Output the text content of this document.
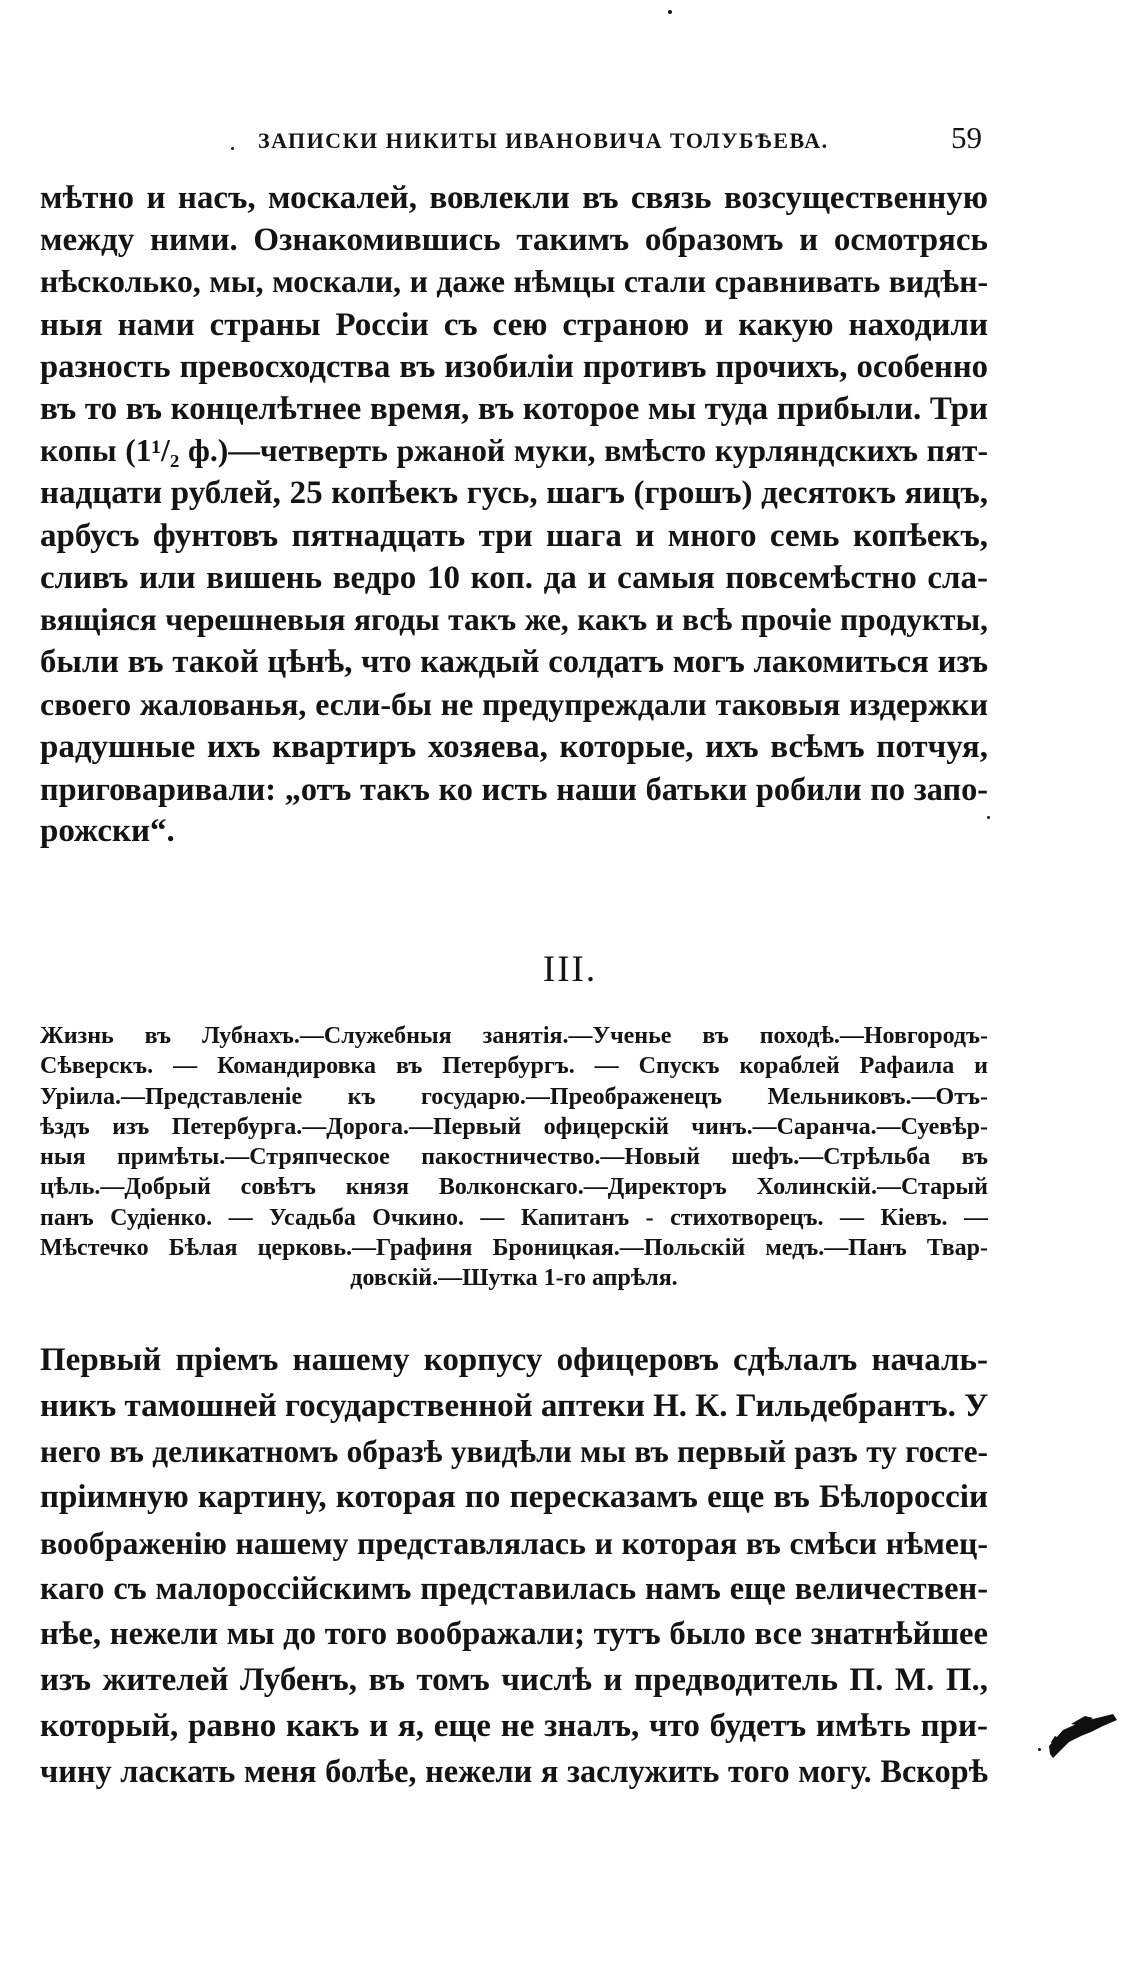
ЗАПИСКИ НИКИТЫ ИВАНОВИЧА ТОЛУБѢЕВА.	59
мѣтно и насъ, москалей, вовлекли въ связь возсущественную
между ними. Ознакомившись такимъ образомъ и осмотрясь
нѣсколько, мы, москали, и даже нѣмцы стали сравнивать видѣн-
ныя нами страны Россіи съ сею страною и какую находили
разность превосходства въ изобиліи противъ прочихъ, особенно
въ то въ концелѣтнее время, въ которое мы туда прибыли. Три
копы (1¹/₂ ф.)—четверть ржаной муки, вмѣсто курляндскихъ пят-
надцати рублей, 25 копѣекъ гусь, шагъ (грошъ) десятокъ яицъ,
арбусъ фунтовъ пятнадцать три шага и много семь копѣекъ,
сливъ или вишень ведро 10 коп. да и самыя повсемѣстно сла-
вящіяся черешневыя ягоды такъ же, какъ и всѣ прочіе продукты,
были въ такой цѣнѣ, что каждый солдатъ могъ лакомиться изъ
своего жалованья, если-бы не предупреждали таковыя издержки
радушные ихъ квартиръ хозяева, которые, ихъ всѣмъ потчуя,
приговаривали: „отъ такъ ко исть наши батьки робили по запо-
рожски“.
III.
Жизнь въ Лубнахъ.—Служебныя занятія.—Ученье въ походѣ.—Новгородъ-
Сѣверскъ. — Командировка въ Петербургъ. — Спускъ кораблей Рафаила и
Урiила.—Представленіе къ государю.—Преображенецъ Мельниковъ.—Отъ-
ѣздъ изъ Петербурга.—Дорога.—Первый офицерскій чинъ.—Саранча.—Суевѣр-
ныя примѣты.—Стряпческое пакостничество.—Новый шефъ.—Стрѣльба въ
цѣль.—Добрый совѣтъ князя Волконскаго.—Директоръ Холинскій.—Старый
панъ Судіенко. — Усадьба Очкино. — Капитанъ - стихотворецъ. — Кіевъ. —
Мѣстечко Бѣлая церковь.—Графиня Броницкая.—Польскій медъ.—Панъ Твар-
довскій.—Шутка 1-го апрѣля.
Первый пріемъ нашему корпусу офицеровъ сдѣлалъ началь-
никъ тамошней государственной аптеки Н. К. Гильдебрантъ. У
него въ деликатномъ образѣ увидѣли мы въ первый разъ ту госте-
пріимную картину, которая по пересказамъ еще въ Бѣлороссіи
воображенію нашему представлялась и которая въ смѣси нѣмец-
каго съ малороссійскимъ представилась намъ еще величествен-
нѣе, нежели мы до того воображали; тутъ было все знатнѣйшее
изъ жителей Лубенъ, въ томъ числѣ и предводитель П. М. П.,
который, равно какъ и я, еще не зналъ, что будетъ имѣть при-
чину ласкать меня болѣе, нежели я заслужить того могу. Вскорѣ
